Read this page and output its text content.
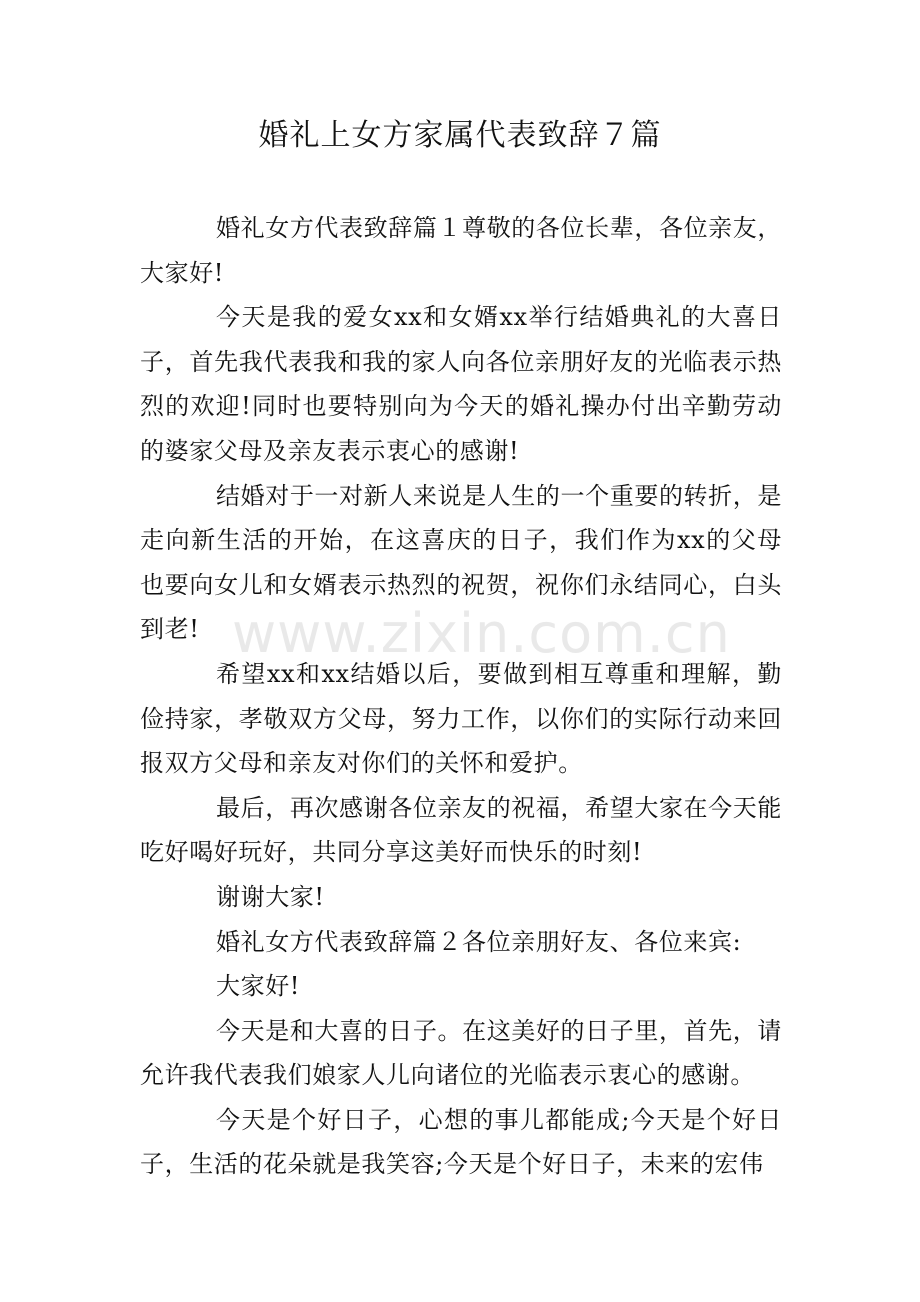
婚礼上女方家属代表致辞７篇
www.zixin.com.cn

婚礼女方代表致辞篇１尊敬的各位长辈，各位亲友，大家好!

今天是我的爱女xx和女婿xx举行结婚典礼的大喜日子，首先我代表我和我的家人向各位亲朋好友的光临表示热烈的欢迎!同时也要特别向为今天的婚礼操办付出辛勤劳动的婆家父母及亲友表示衷心的感谢!

结婚对于一对新人来说是人生的一个重要的转折，是走向新生活的开始，在这喜庆的日子，我们作为xx的父母也要向女儿和女婿表示热烈的祝贺，祝你们永结同心，白头到老!

希望xx和xx结婚以后，要做到相互尊重和理解，勤俭持家，孝敬双方父母，努力工作，以你们的实际行动来回报双方父母和亲友对你们的关怀和爱护。

最后，再次感谢各位亲友的祝福，希望大家在今天能吃好喝好玩好，共同分享这美好而快乐的时刻!

谢谢大家!

婚礼女方代表致辞篇２各位亲朋好友、各位来宾:

大家好!

今天是和大喜的日子。在这美好的日子里，首先，请允许我代表我们娘家人儿向诸位的光临表示衷心的感谢。

今天是个好日子，心想的事儿都能成;今天是个好日子，生活的花朵就是我笑容;今天是个好日子，未来的宏伟
